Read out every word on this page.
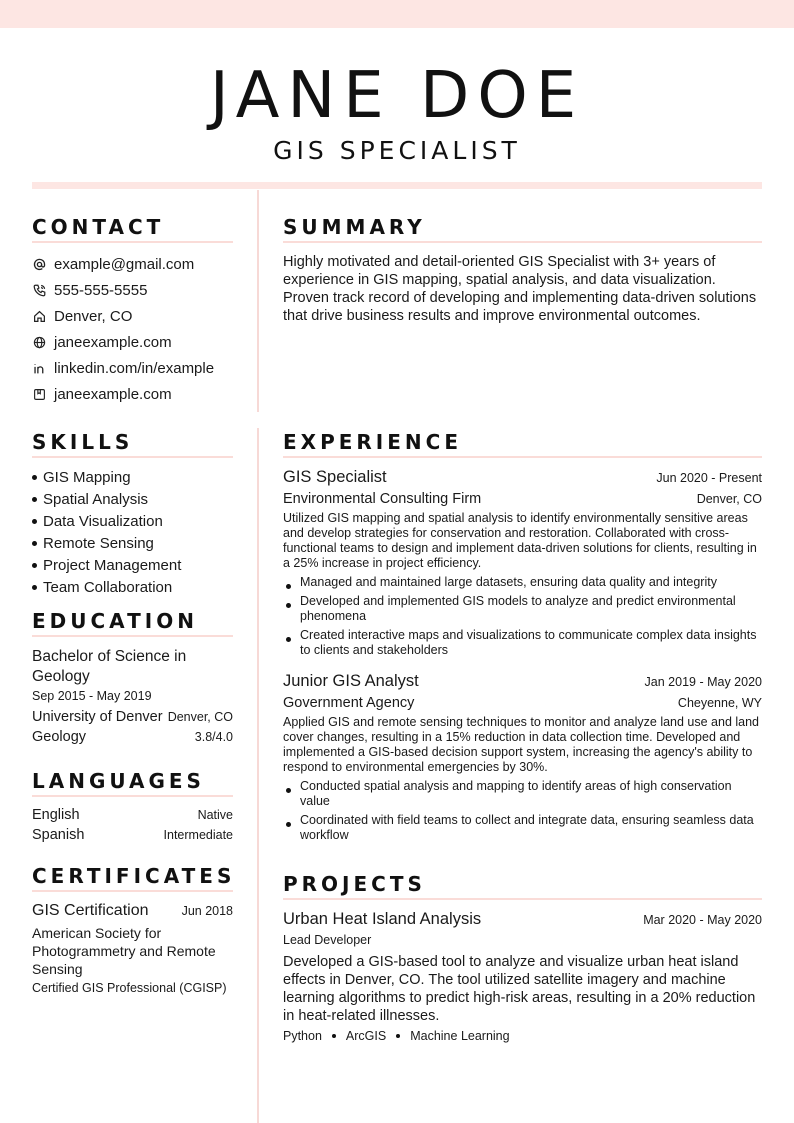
JANE DOE
GIS SPECIALIST
CONTACT
example@gmail.com
555-555-5555
Denver, CO
janeexample.com
linkedin.com/in/example
janeexample.com
SUMMARY

Highly motivated and detail-oriented GIS Specialist with 3+ years of experience in GIS mapping, spatial analysis, and data visualization. Proven track record of developing and implementing data-driven solutions that drive business results and improve environmental outcomes.

SKILLS
GIS Mapping
Spatial Analysis
Data Visualization
Remote Sensing
Project Management
Team Collaboration
EDUCATION
Bachelor of Science in Geology
Sep 2015 - May 2019
University of Denver Denver, CO
Geology	3.8/4.0
LANGUAGES
English	Native
Spanish	Intermediate
CERTIFICATES
GIS Certification	Jun 2018
American Society for Photogrammetry and Remote Sensing
Certified GIS Professional (CGISP)
EXPERIENCE
GIS Specialist	Jun 2020 - Present
Environmental Consulting Firm	Denver, CO

Utilized GIS mapping and spatial analysis to identify environmentally sensitive areas and develop strategies for conservation and restoration. Collaborated with cross-functional teams to design and implement data-driven solutions for clients, resulting in a 25% increase in project efficiency.

Managed and maintained large datasets, ensuring data quality and integrity
Developed and implemented GIS models to analyze and predict environmental phenomena
Created interactive maps and visualizations to communicate complex data insights to clients and stakeholders
Junior GIS Analyst	Jan 2019 - May 2020
Government Agency	Cheyenne, WY

Applied GIS and remote sensing techniques to monitor and analyze land use and land cover changes, resulting in a 15% reduction in data collection time. Developed and implemented a GIS-based decision support system, increasing the agency's ability to respond to environmental emergencies by 30%.

Conducted spatial analysis and mapping to identify areas of high conservation value
Coordinated with field teams to collect and integrate data, ensuring seamless data workflow
PROJECTS
Urban Heat Island Analysis	Mar 2020 - May 2020
Lead Developer

Developed a GIS-based tool to analyze and visualize urban heat island effects in Denver, CO. The tool utilized satellite imagery and machine learning algorithms to predict high-risk areas, resulting in a 20% reduction in heat-related illnesses.

Python ArcGIS Machine Learning
